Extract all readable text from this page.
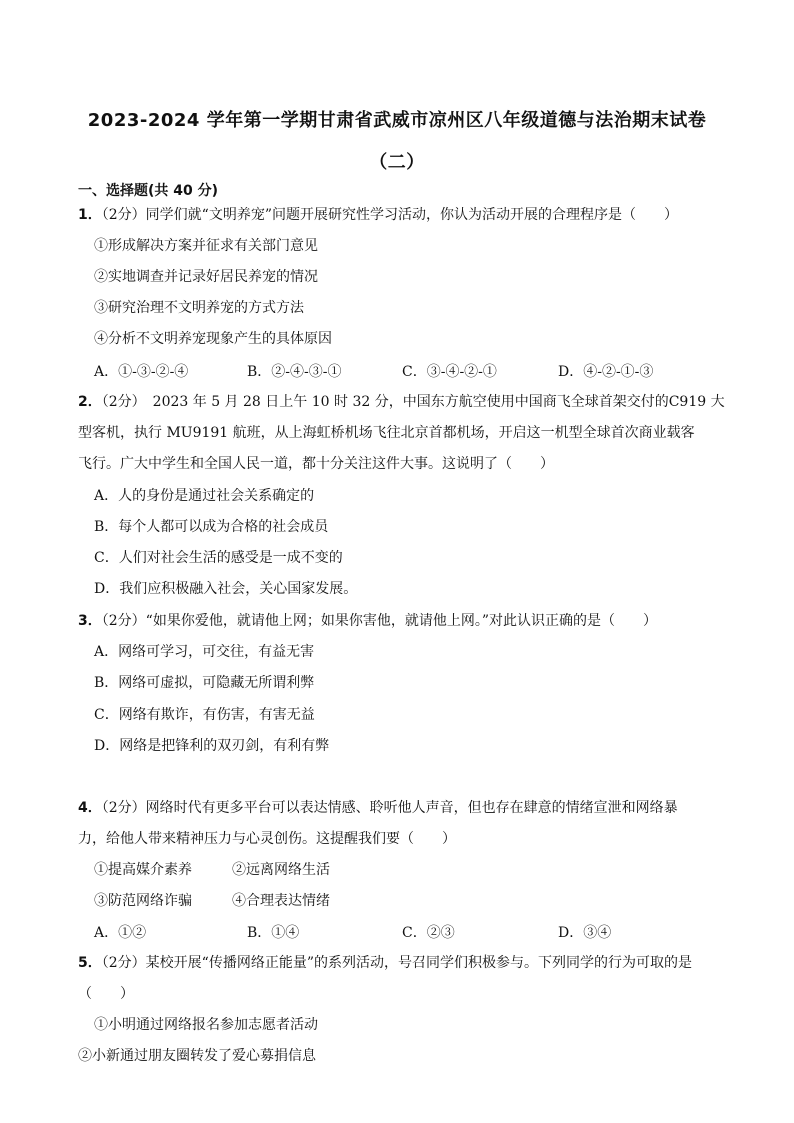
2023-2024 学年第一学期甘肃省武威市凉州区八年级道德与法治期末试卷
（二）
一、选择题(共 40 分)
1．（2分）同学们就“文明养宠”问题开展研究性学习活动，你认为活动开展的合理程序是（　　）
①形成解决方案并征求有关部门意见
②实地调查并记录好居民养宠的情况
③研究治理不文明养宠的方式方法
④分析不文明养宠现象产生的具体原因
A．①-③-②-④	B．②-④-③-①	C．③-④-②-①	D．④-②-①-③
2．（2分）　2023 年 5 月 28 日上午 10 时 32 分，中国东方航空使用中国商飞全球首架交付的C919 大
型客机，执行 MU9191 航班，从上海虹桥机场飞往北京首都机场，开启这一机型全球首次商业载客
飞行。广大中学生和全国人民一道，都十分关注这件大事。这说明了（　　）
A．人的身份是通过社会关系确定的
B．每个人都可以成为合格的社会成员
C．人们对社会生活的感受是一成不变的
D．我们应积极融入社会，关心国家发展。
3．（2分）“如果你爱他，就请他上网；如果你害他，就请他上网。”对此认识正确的是（　　）
A．网络可学习，可交往，有益无害
B．网络可虚拟，可隐藏无所谓利弊
C．网络有欺诈，有伤害，有害无益
D．网络是把锋利的双刃剑，有利有弊
4．（2分）网络时代有更多平台可以表达情感、聆听他人声音，但也存在肆意的情绪宣泄和网络暴
力，给他人带来精神压力与心灵创伤。这提醒我们要（　　）
①提高媒介素养	②远离网络生活
③防范网络诈骗	④合理表达情绪
A．①②	B．①④	C．②③	D．③④
5．（2分）某校开展“传播网络正能量”的系列活动，号召同学们积极参与。下列同学的行为可取的是
（　　）
①小明通过网络报名参加志愿者活动
②小新通过朋友圈转发了爱心募捐信息
